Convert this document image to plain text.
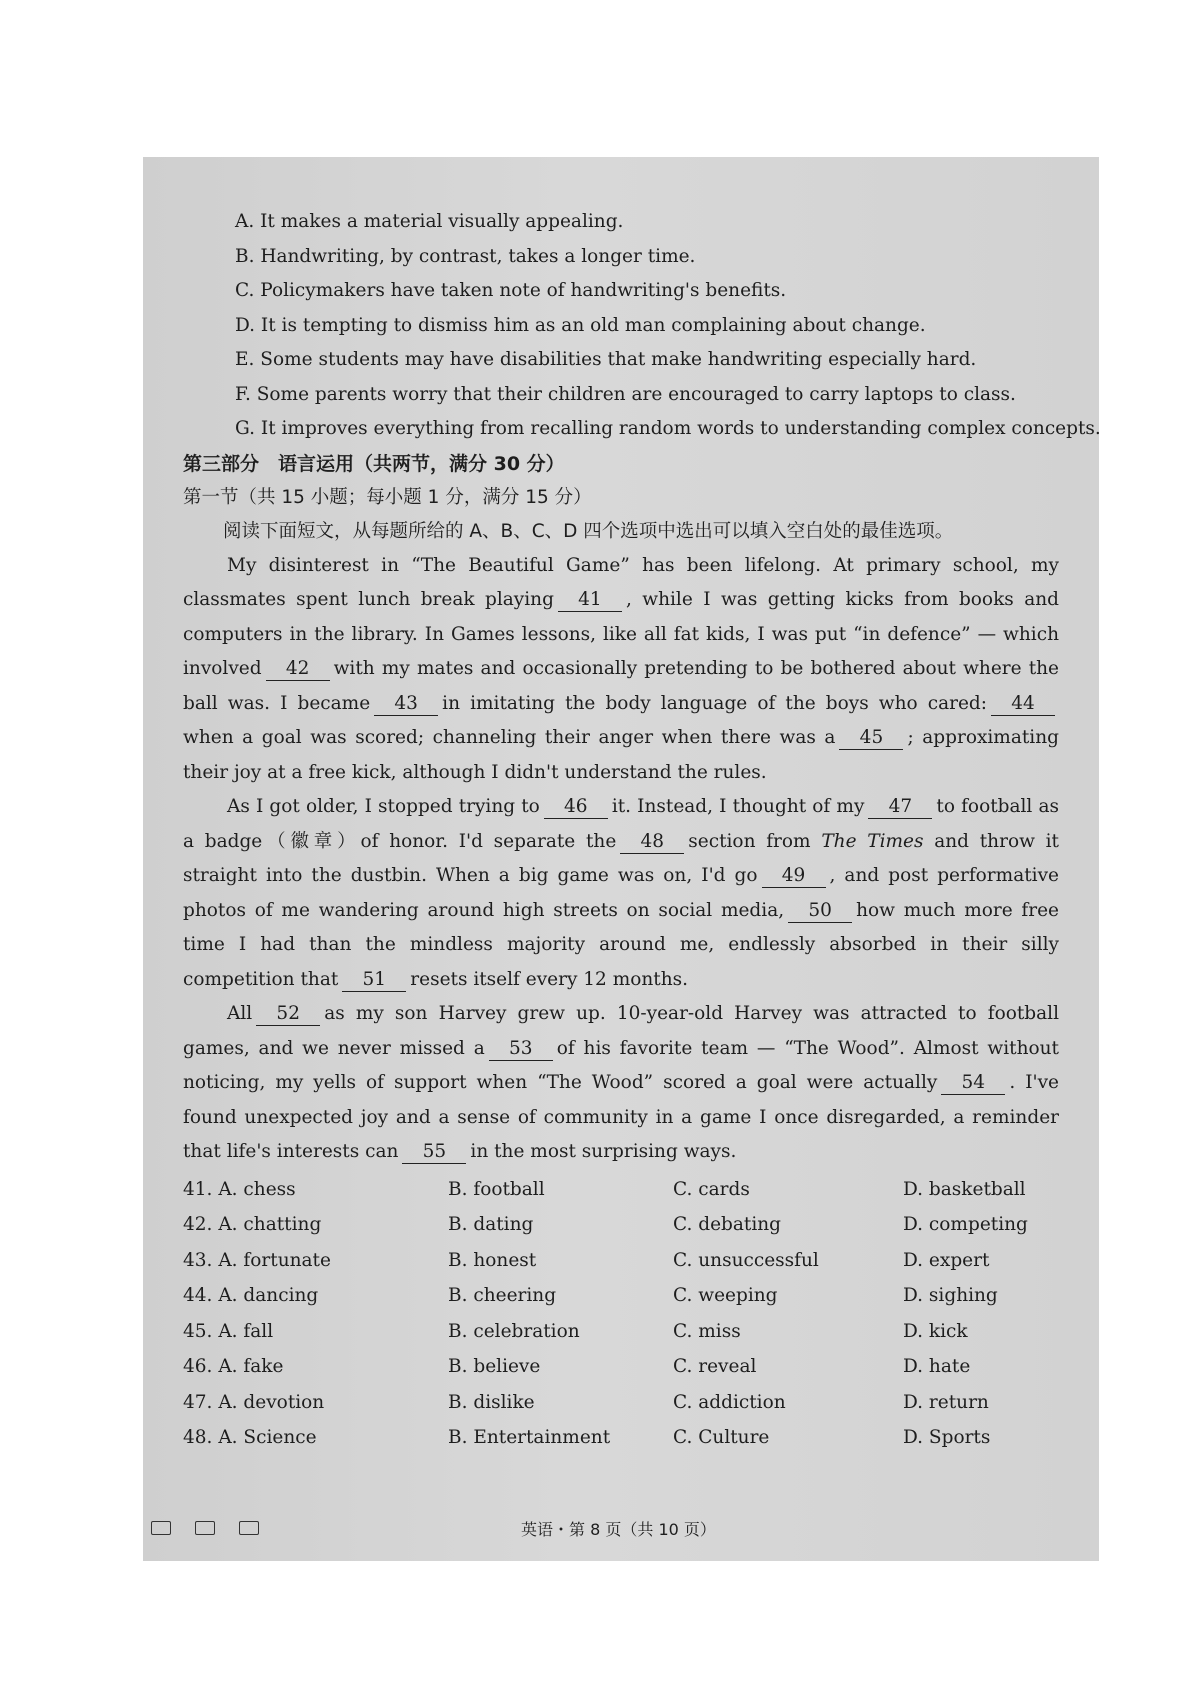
A. It makes a material visually appealing.
B. Handwriting, by contrast, takes a longer time.
C. Policymakers have taken note of handwriting's benefits.
D. It is tempting to dismiss him as an old man complaining about change.
E. Some students may have disabilities that make handwriting especially hard.
F. Some parents worry that their children are encouraged to carry laptops to class.
G. It improves everything from recalling random words to understanding complex concepts.
第三部分　语言运用（共两节，满分 30 分）
第一节（共 15 小题；每小题 1 分，满分 15 分）
阅读下面短文，从每题所给的 A、B、C、D 四个选项中选出可以填入空白处的最佳选项。

My disinterest in “The Beautiful Game” has been lifelong. At primary school, my classmates spent lunch break playing 41 , while I was getting kicks from books and computers in the library. In Games lessons, like all fat kids, I was put “in defence” — which involved 42 with my mates and occasionally pretending to be bothered about where the ball was. I became 43 in imitating the body language of the boys who cared: 44when a goal was scored; channeling their anger when there was a 45 ; approximating their joy at a free kick, although I didn't understand the rules.

As I got older, I stopped trying to 46 it. Instead, I thought of my 47 to football as a badge（徽章）of honor. I'd separate the 48 section from The Times and throw it straight into the dustbin. When a big game was on, I'd go 49 , and post performative photos of me wandering around high streets on social media, 50 how much more free time I had than the mindless majority around me, endlessly absorbed in their silly competition that 51 resets itself every 12 months.

All 52 as my son Harvey grew up. 10-year-old Harvey was attracted to football games, and we never missed a 53 of his favorite team — “The Wood”. Almost without noticing, my yells of support when “The Wood” scored a goal were actually 54 . I've found unexpected joy and a sense of community in a game I once disregarded, a reminder that life's interests can 55 in the most surprising ways.

41. A. chess	B. football	C. cards	D. basketball
42. A. chatting	B. dating	C. debating	D. competing
43. A. fortunate	B. honest	C. unsuccessful	D. expert
44. A. dancing	B. cheering	C. weeping	D. sighing
45. A. fall	B. celebration	C. miss	D. kick
46. A. fake	B. believe	C. reveal	D. hate
47. A. devotion	B. dislike	C. addiction	D. return
48. A. Science	B. Entertainment	C. Culture	D. Sports
英语・第 8 页（共 10 页）
